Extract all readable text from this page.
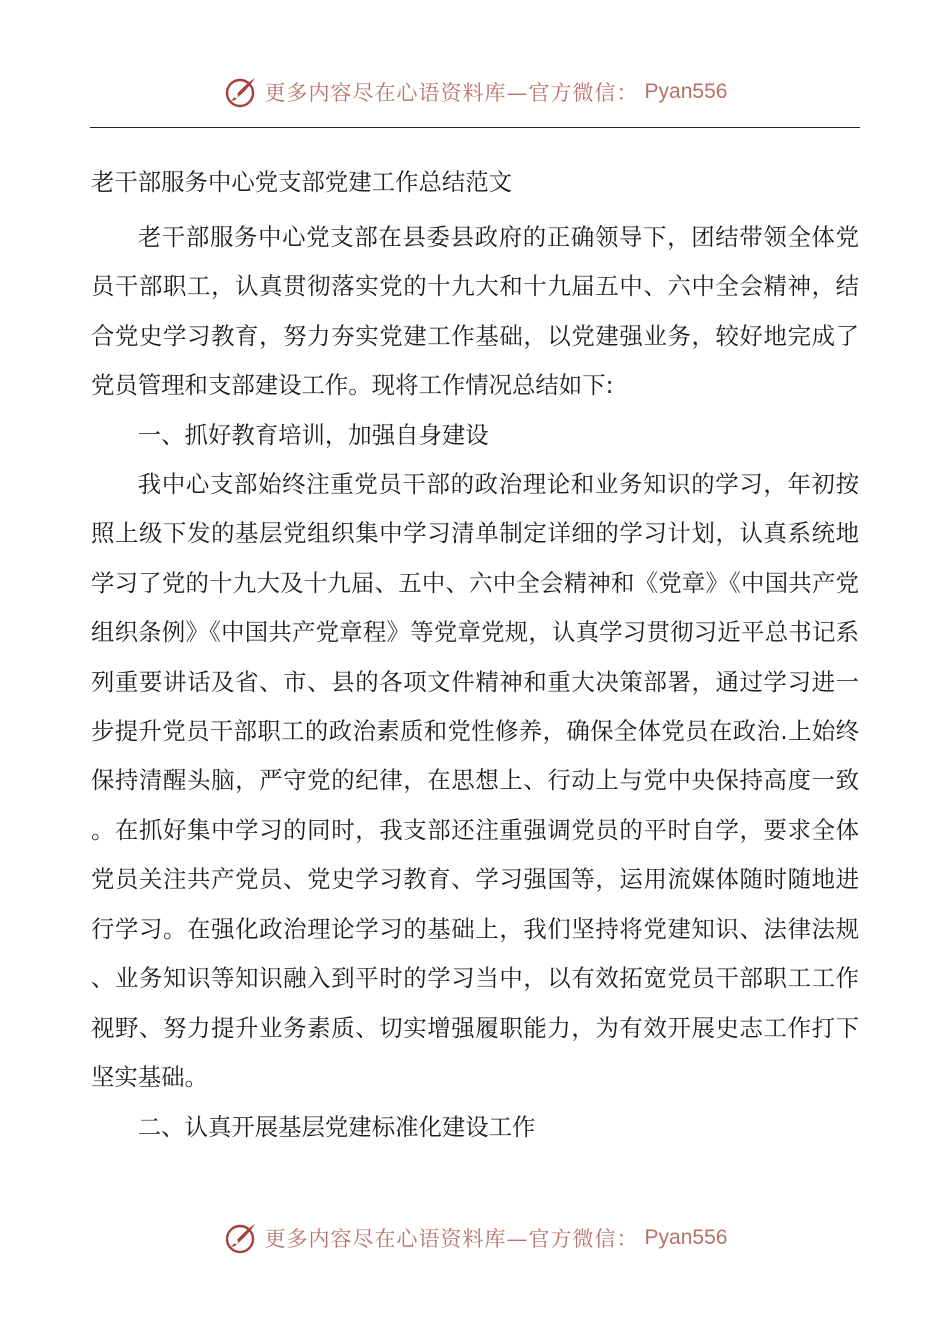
更多内容尽在心语资料库—官方微信： Pyan556
老干部服务中心党支部党建工作总结范文

老干部服务中心党支部在县委县政府的正确领导下，团结带领全体党员干部职工，认真贯彻落实党的十九大和十九届五中、六中全会精神，结合党史学习教育，努力夯实党建工作基础，以党建强业务，较好地完成了党员管理和支部建设工作。现将工作情况总结如下:

一、抓好教育培训，加强自身建设

我中心支部始终注重党员干部的政治理论和业务知识的学习，年初按照上级下发的基层党组织集中学习清单制定详细的学习计划，认真系统地学习了党的十九大及十九届、五中、六中全会精神和《党章》《中国共产党组织条例》《中国共产党章程》等党章党规，认真学习贯彻习近平总书记系列重要讲话及省、市、县的各项文件精神和重大决策部署，通过学习进一步提升党员干部职工的政治素质和党性修养，确保全体党员在政治.上始终保持清醒头脑，严守党的纪律，在思想上、行动上与党中央保持高度一致。在抓好集中学习的同时，我支部还注重强调党员的平时自学，要求全体党员关注共产党员、党史学习教育、学习强国等，运用流媒体随时随地进行学习。在强化政治理论学习的基础上，我们坚持将党建知识、法律法规、业务知识等知识融入到平时的学习当中，以有效拓宽党员干部职工工作视野、努力提升业务素质、切实增强履职能力，为有效开展史志工作打下坚实基础。

二、认真开展基层党建标准化建设工作

更多内容尽在心语资料库—官方微信： Pyan556
